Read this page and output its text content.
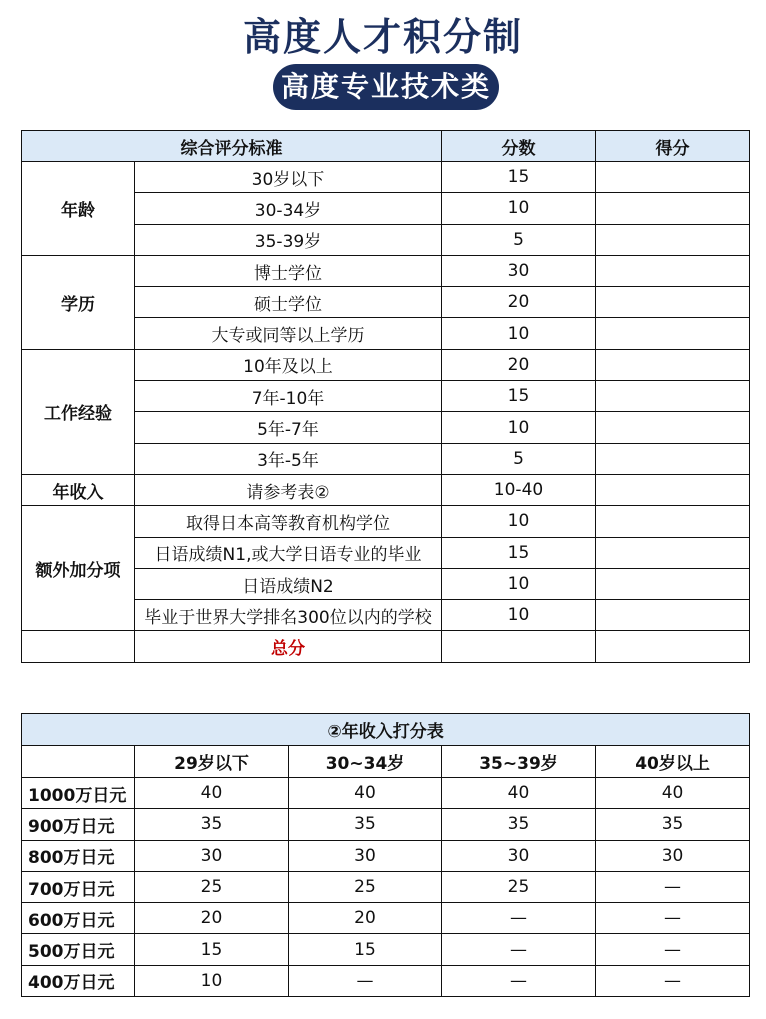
高度人才积分制
高度专业技术类
综合评分标准		分数	得分
年龄	30岁以下	15	
	30-34岁	10	
	35-39岁	5	
学历	博士学位	30	
	硕士学位	20	
	大专或同等以上学历	10	
工作经验	10年及以上	20	
	7年-10年	15	
	5年-7年	10	
	3年-5年	5	
年收入	请参考表②	10-40	
额外加分项	取得日本高等教育机构学位	10	
	日语成绩N1,或大学日语专业的毕业	15	
	日语成绩N2	10	
	毕业于世界大学排名300位以内的学校	10	
	总分		
②年收入打分表				
	29岁以下	30~34岁	35~39岁	40岁以上
1000万日元	40	40	40	40
900万日元	35	35	35	35
800万日元	30	30	30	30
700万日元	25	25	25	—
600万日元	20	20	—	—
500万日元	15	15	—	—
400万日元	10	—	—	—
